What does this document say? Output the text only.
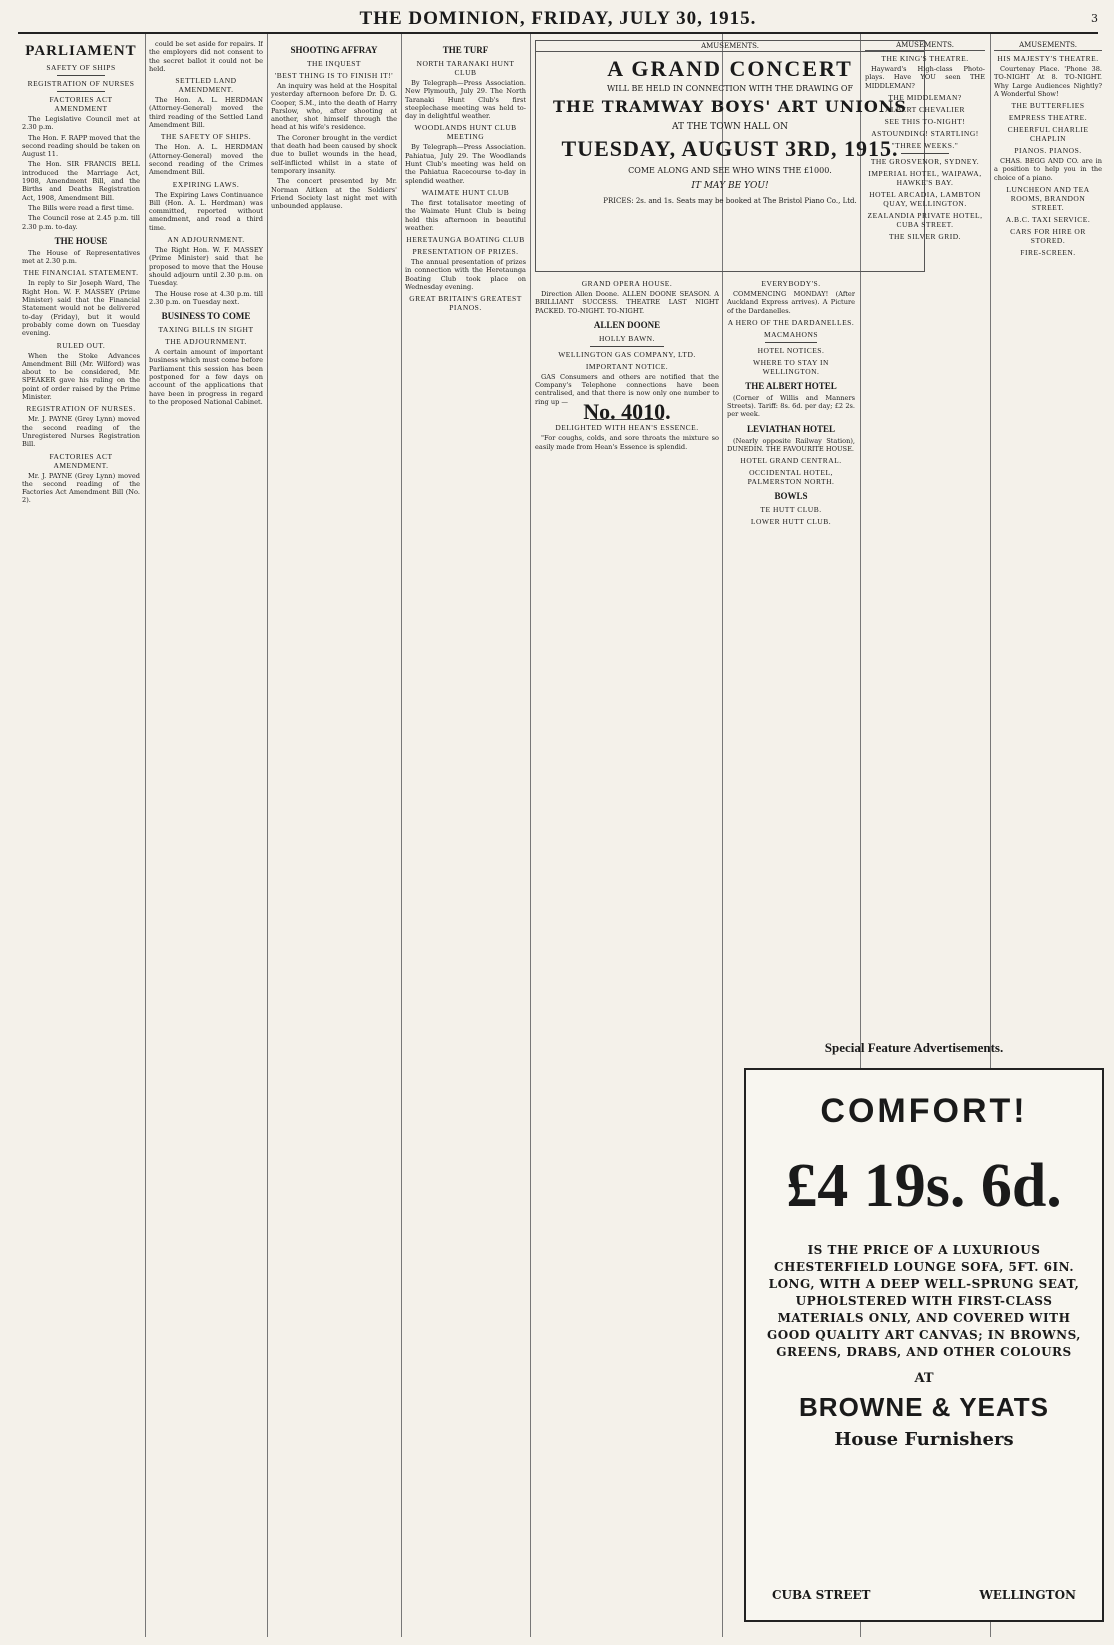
THE DOMINION, FRIDAY, JULY 30, 1915.	3
PARLIAMENT
SAFETY OF SHIPS
REGISTRATION OF NURSES
FACTORIES ACT AMENDMENT

The Legislative Council met at 2.30 p.m.

The Hon. F. RAPP moved that the second reading should be taken on August 11.

The Hon. SIR FRANCIS BELL introduced the Marriage Act, 1908, Amendment Bill, and the Births and Deaths Registration Act, 1908, Amendment Bill.

The Bills were read a first time.

The Council rose at 2.45 p.m. till 2.30 p.m. to-day.

THE HOUSE

The House of Representatives met at 2.30 p.m.

THE FINANCIAL STATEMENT.

In reply to Sir Joseph Ward, The Right Hon. W. F. MASSEY (Prime Minister) said that the Financial Statement would not be delivered to-day (Friday), but it would probably come down on Tuesday evening.

RULED OUT.

When the Stoke Advances Amendment Bill (Mr. Wilford) was about to be considered, Mr. SPEAKER gave his ruling on the point of order raised by the Prime Minister.

REGISTRATION OF NURSES.

Mr. J. PAYNE (Grey Lynn) moved the second reading of the Unregistered Nurses Registration Bill.

FACTORIES ACT AMENDMENT.

Mr. J. PAYNE (Grey Lynn) moved the second reading of the Factories Act Amendment Bill (No. 2).

could be set aside for repairs. If the employers did not consent to the secret ballot it could not be held.

SETTLED LAND AMENDMENT.

The Hon. A. L. HERDMAN (Attorney-General) moved the third reading of the Settled Land Amendment Bill.

THE SAFETY OF SHIPS.

The Hon. A. L. HERDMAN (Attorney-General) moved the second reading of the Crimes Amendment Bill.

EXPIRING LAWS.

The Expiring Laws Continuance Bill (Hon. A. L. Herdman) was committed, reported without amendment, and read a third time.

AN ADJOURNMENT.

The Right Hon. W. F. MASSEY (Prime Minister) said that he proposed to move that the House should adjourn until 2.30 p.m. on Tuesday.

The House rose at 4.30 p.m. till 2.30 p.m. on Tuesday next.

BUSINESS TO COME
TAXING BILLS IN SIGHT
THE ADJOURNMENT.

A certain amount of important business which must come before Parliament this session has been postponed for a few days on account of the applications that have been in progress in regard to the proposed National Cabinet.

SHOOTING AFFRAY
THE INQUEST
'BEST THING IS TO FINISH IT!'

An inquiry was held at the Hospital yesterday afternoon before Dr. D. G. Cooper, S.M., into the death of Harry Parslow, who, after shooting at another, shot himself through the head at his wife's residence.

The Coroner brought in the verdict that death had been caused by shock due to bullet wounds in the head, self-inflicted whilst in a state of temporary insanity.

The concert presented by Mr. Norman Aitken at the Soldiers' Friend Society last night met with unbounded applause.

THE TURF
NORTH TARANAKI HUNT CLUB

By Telegraph—Press Association. New Plymouth, July 29. The North Taranaki Hunt Club's first steeplechase meeting was held to-day in delightful weather.

WOODLANDS HUNT CLUB MEETING

By Telegraph—Press Association. Pahiatua, July 29. The Woodlands Hunt Club's meeting was held on the Pahiatua Racecourse to-day in splendid weather.

WAIMATE HUNT CLUB

The first totalisator meeting of the Waimate Hunt Club is being held this afternoon in beautiful weather.

HERETAUNGA BOATING CLUB
PRESENTATION OF PRIZES.

The annual presentation of prizes in connection with the Heretaunga Boating Club took place on Wednesday evening.

GREAT BRITAIN'S GREATEST PIANOS.
AMUSEMENTS.
A GRAND CONCERT
WILL BE HELD IN CONNECTION WITH THE DRAWING OF
THE TRAMWAY BOYS' ART UNIONS
AT THE TOWN HALL ON
TUESDAY, AUGUST 3RD, 1915.
COME ALONG AND SEE WHO WINS THE £1000.
IT MAY BE YOU!
PRICES: 2s. and 1s. Seats may be booked at The Bristol Piano Co., Ltd.
GRAND OPERA HOUSE.

Direction Allen Doone. ALLEN DOONE SEASON. A BRILLIANT SUCCESS. THEATRE LAST NIGHT PACKED. TO-NIGHT. TO-NIGHT.

ALLEN DOONE
HOLLY BAWN.
WELLINGTON GAS COMPANY, LTD.
IMPORTANT NOTICE.

GAS Consumers and others are notified that the Company's Telephone connections have been centralised, and that there is now only one number to ring up — No. 4010.
DELIGHTED WITH HEAN'S ESSENCE.

"For coughs, colds, and sore throats the mixture so easily made from Hean's Essence is splendid.

EVERYBODY'S.

COMMENCING MONDAY! (After Auckland Express arrives). A Picture of the Dardanelles.

A HERO OF THE DARDANELLES.
MACMAHONS
HOTEL NOTICES.
WHERE TO STAY IN WELLINGTON.
THE ALBERT HOTEL

(Corner of Willis and Manners Streets). Tariff: 8s. 6d. per day; £2 2s. per week.

LEVIATHAN HOTEL

(Nearly opposite Railway Station), DUNEDIN. THE FAVOURITE HOUSE.

HOTEL GRAND CENTRAL.
OCCIDENTAL HOTEL, PALMERSTON NORTH.
BOWLS
TE HUTT CLUB.
LOWER HUTT CLUB.
AMUSEMENTS.
THE KING'S THEATRE.

Hayward's High-class Photo-plays. Have YOU seen THE MIDDLEMAN?

THE MIDDLEMAN?
ALBERT CHEVALIER
SEE THIS TO-NIGHT!
ASTOUNDING! STARTLING!
"THREE WEEKS."
THE GROSVENOR, SYDNEY.
IMPERIAL HOTEL, WAIPAWA, HAWKE'S BAY.
HOTEL ARCADIA, LAMBTON QUAY, WELLINGTON.
ZEALANDIA PRIVATE HOTEL, CUBA STREET.
THE SILVER GRID.
AMUSEMENTS.
HIS MAJESTY'S THEATRE.

Courtenay Place. 'Phone 38. TO-NIGHT At 8. TO-NIGHT. Why Large Audiences Nightly? A Wonderful Show!

THE BUTTERFLIES
EMPRESS THEATRE.
CHEERFUL CHARLIE CHAPLIN
PIANOS. PIANOS.

CHAS. BEGG AND CO. are in a position to help you in the choice of a piano.

LUNCHEON AND TEA ROOMS, BRANDON STREET.
A.B.C. TAXI SERVICE.
CARS FOR HIRE OR STORED.
FIRE-SCREEN.
Special Feature Advertisements.
COMFORT!
£4 19s. 6d.
IS THE PRICE OF A LUXURIOUS CHESTERFIELD LOUNGE SOFA, 5FT. 6IN. LONG, WITH A DEEP WELL-SPRUNG SEAT, UPHOLSTERED WITH FIRST-CLASS MATERIALS ONLY, AND COVERED WITH GOOD QUALITY ART CANVAS; IN BROWNS, GREENS, DRABS, AND OTHER COLOURS
AT
BROWNE & YEATS
House Furnishers
CUBA STREET	WELLINGTON
